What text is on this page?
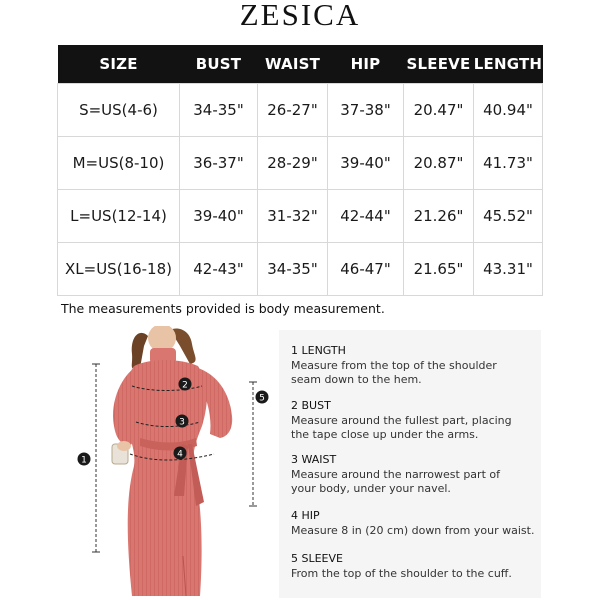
ZESICA
SIZE	BUST	WAIST	HIP	SLEEVE	LENGTH
S=US(4-6)	34-35"	26-27"	37-38"	20.47"	40.94"
M=US(8-10)	36-37"	28-29"	39-40"	20.87"	41.73"
L=US(12-14)	39-40"	31-32"	42-44"	21.26"	45.52"
XL=US(16-18)	42-43"	34-35"	46-47"	21.65"	43.31"
The measurements provided is body measurement.
1
2
3
4
5
1 LENGTH
Measure from the top of the shoulder
seam down to the hem.
2 BUST
Measure around the fullest part, placing
the tape close up under the arms.
3 WAIST
Measure around the narrowest part of
your body, under your navel.
4 HIP
Measure 8 in (20 cm) down from your waist.
5 SLEEVE
From the top of the shoulder to the cuff.
